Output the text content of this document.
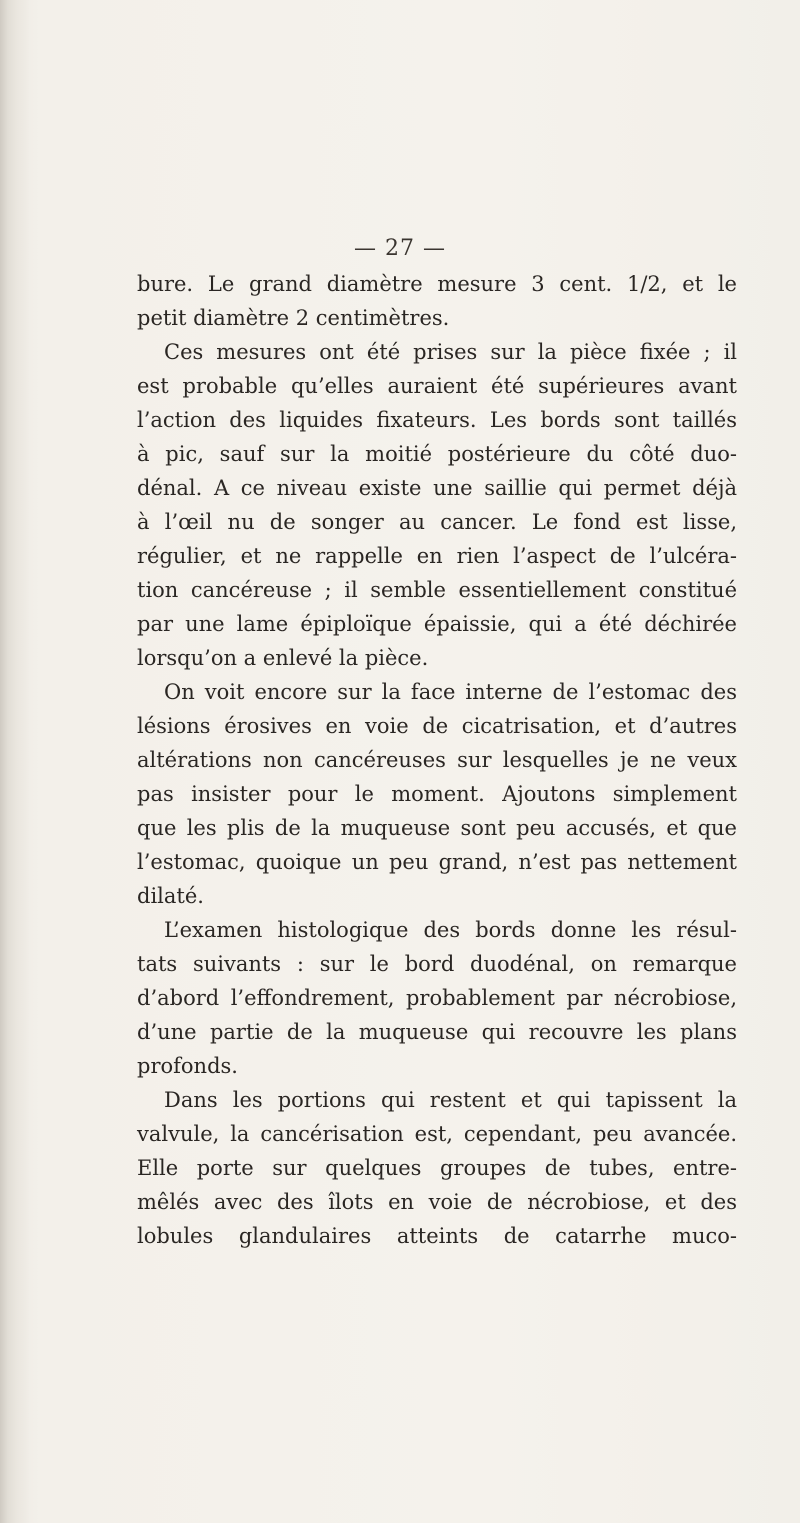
— 27 —
bure. Le grand diamètre mesure 3 cent. 1/2, et le
petit diamètre 2 centimètres.
Ces mesures ont été prises sur la pièce fixée ; il
est probable qu’elles auraient été supérieures avant
l’action des liquides fixateurs. Les bords sont taillés
à pic, sauf sur la moitié postérieure du côté duo-
dénal. A ce niveau existe une saillie qui permet déjà
à l’œil nu de songer au cancer. Le fond est lisse,
régulier, et ne rappelle en rien l’aspect de l’ulcéra-
tion cancéreuse ; il semble essentiellement constitué
par une lame épiploïque épaissie, qui a été déchirée
lorsqu’on a enlevé la pièce.
On voit encore sur la face interne de l’estomac des
lésions érosives en voie de cicatrisation, et d’autres
altérations non cancéreuses sur lesquelles je ne veux
pas insister pour le moment. Ajoutons simplement
que les plis de la muqueuse sont peu accusés, et que
l’estomac, quoique un peu grand, n’est pas nettement
dilaté.
L’examen histologique des bords donne les résul-
tats suivants : sur le bord duodénal, on remarque
d’abord l’effondrement, probablement par nécrobiose,
d’une partie de la muqueuse qui recouvre les plans
profonds.
Dans les portions qui restent et qui tapissent la
valvule, la cancérisation est, cependant, peu avancée.
Elle porte sur quelques groupes de tubes, entre-
mêlés avec des îlots en voie de nécrobiose, et des
lobules glandulaires atteints de catarrhe muco-
